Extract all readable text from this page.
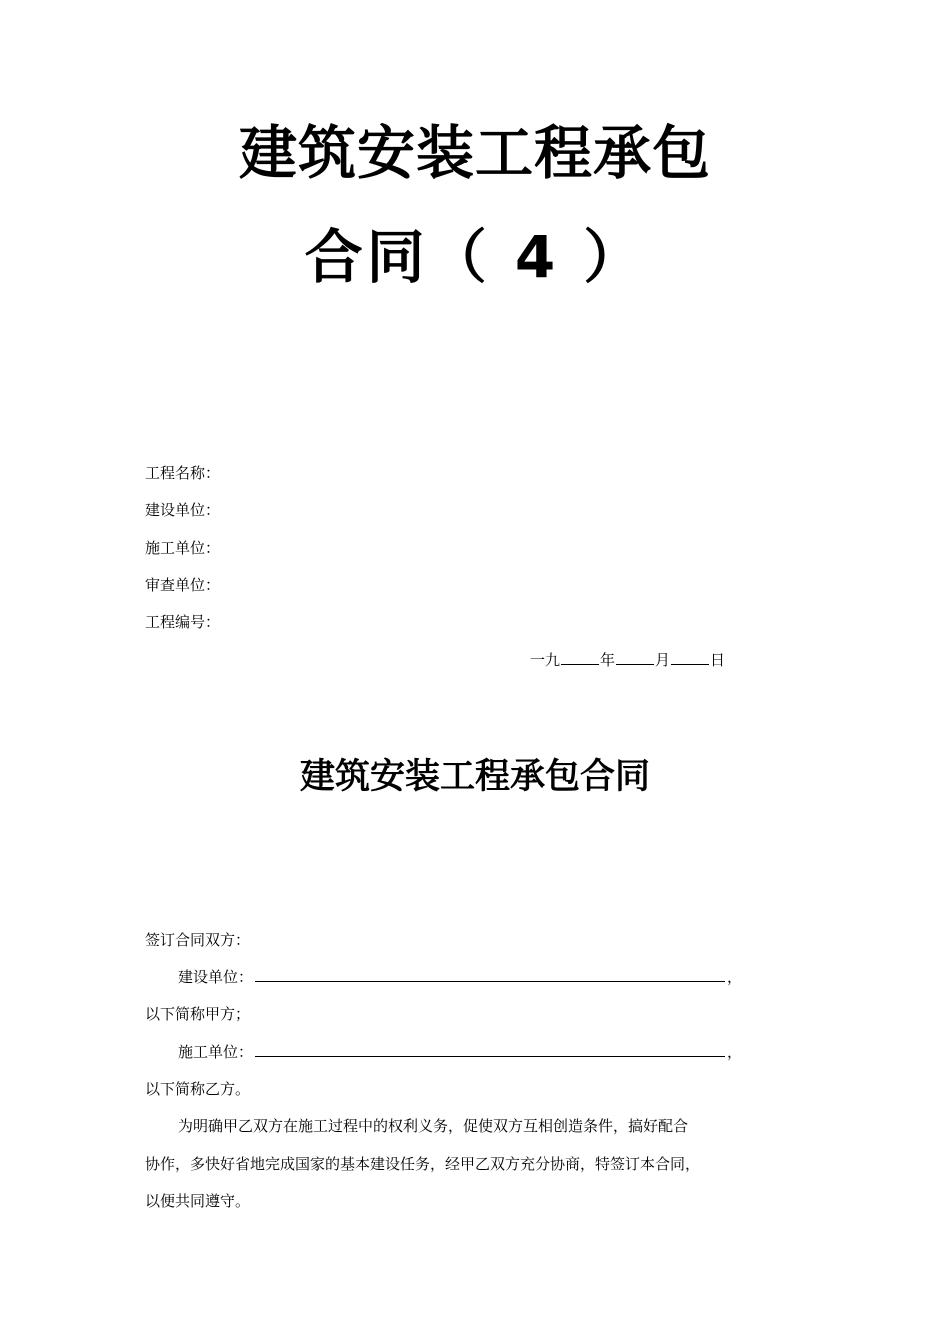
建筑安装工程承包
合同（ 4 ）
工程名称：
建设单位：
施工单位：
审查单位：
工程编号：
一九	年	月	日
建筑安装工程承包合同
签订合同双方：
建设单位：	，
以下简称甲方；
施工单位：	，
以下简称乙方。
为明确甲乙双方在施工过程中的权利义务，促使双方互相创造条件，搞好配合
协作，多快好省地完成国家的基本建设任务，经甲乙双方充分协商，特签订本合同，
以便共同遵守。
